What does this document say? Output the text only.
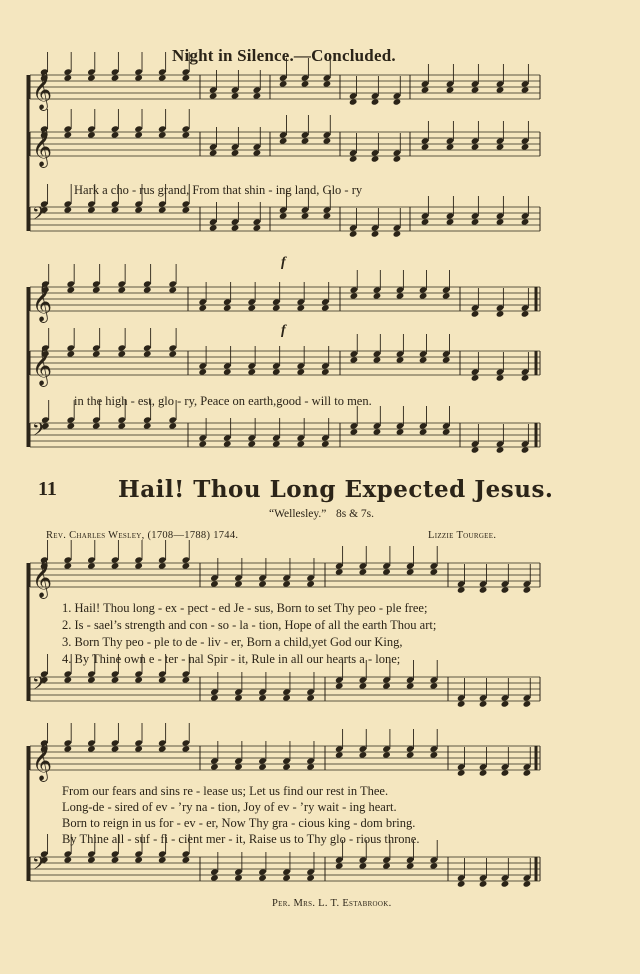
𝄞
𝄞
𝄢
𝄞
𝄞
𝄢
𝄞
𝄢
𝄞
𝄢
Night in Silence.—Concluded.
Hark a cho - rus grand, From that shin - ing land, Glo - ry
in the high - est, glo - ry, Peace on earth,good - will to men.
f
f
11	Hail! Thou Long Expected Jesus.
“Wellesley.” 8s & 7s.
Rev. Charles Wesley, (1708—1788) 1744.	Lizzie Tourgee.
1. Hail! Thou long - ex - pect - ed Je - sus, Born to set Thy peo - ple free;
2. Is - sael’s strength and con - so - la - tion, Hope of all the earth Thou art;
3. Born Thy peo - ple to de - liv - er, Born a child,yet God our King,
4. By Thine own e - ter - nal Spir - it, Rule in all our hearts a - lone;
From our fears and sins re - lease us; Let us find our rest in Thee.
Long-de - sired of ev - ’ry na - tion, Joy of ev - ’ry wait - ing heart.
Born to reign in us for - ev - er, Now Thy gra - cious king - dom bring.
By Thine all - suf - fi - cient mer - it, Raise us to Thy glo - rious throne.
Per. Mrs. L. T. Estabrook.
